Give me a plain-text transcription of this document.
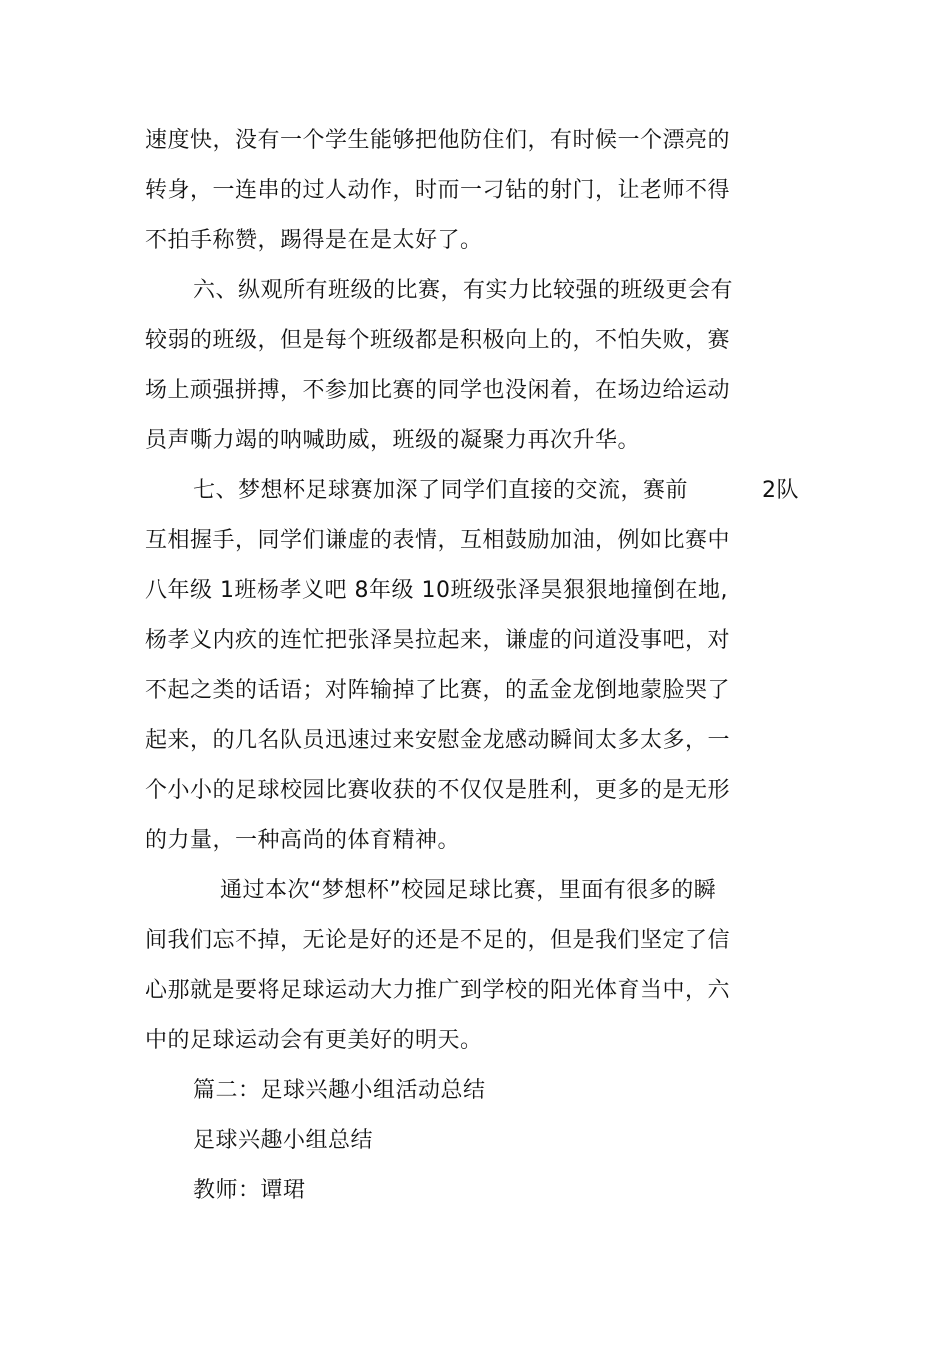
速度快，没有一个学生能够把他防住们，有时候一个漂亮的
转身，一连串的过人动作，时而一刁钻的射门，让老师不得
不拍手称赞，踢得是在是太好了。
六、纵观所有班级的比赛，有实力比较强的班级更会有
较弱的班级，但是每个班级都是积极向上的，不怕失败，赛
场上顽强拼搏，不参加比赛的同学也没闲着，在场边给运动
员声嘶力竭的呐喊助威，班级的凝聚力再次升华。
七、梦想杯足球赛加深了同学们直接的交流，赛前	2队
互相握手，同学们谦虚的表情，互相鼓励加油，例如比赛中
八年级 1班杨孝义吧 8年级 10班级张泽昊狠狠地撞倒在地,
杨孝义内疚的连忙把张泽昊拉起来，谦虚的问道没事吧，对
不起之类的话语；对阵输掉了比赛，的孟金龙倒地蒙脸哭了
起来，的几名队员迅速过来安慰金龙感动瞬间太多太多，一
个小小的足球校园比赛收获的不仅仅是胜利，更多的是无形
的力量，一种高尚的体育精神。
通过本次“梦想杯”校园足球比赛，里面有很多的瞬
间我们忘不掉，无论是好的还是不足的，但是我们坚定了信
心那就是要将足球运动大力推广到学校的阳光体育当中，六
中的足球运动会有更美好的明天。
篇二：足球兴趣小组活动总结
足球兴趣小组总结
教师：谭珺
